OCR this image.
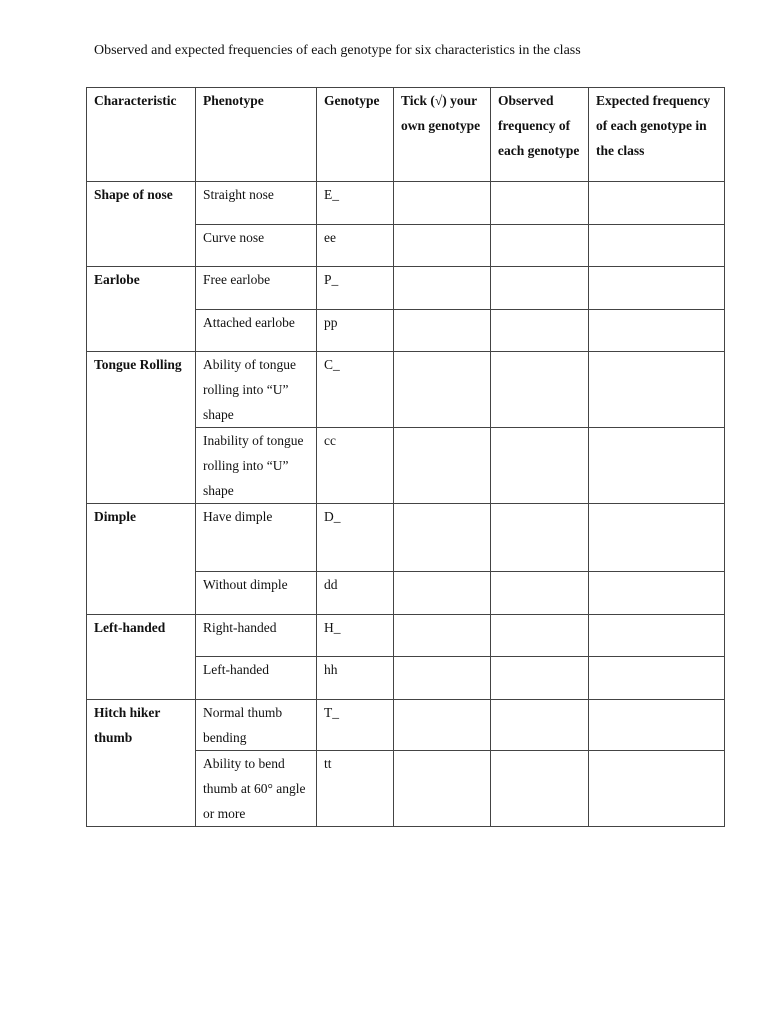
Observed and expected frequencies of each genotype for six characteristics in the class
Characteristic	Phenotype	Genotype	Tick (√) your own genotype	Observed frequency of each genotype	Expected frequency of each genotype in the class
Shape of nose	Straight nose	E_			
	Curve nose	ee			
Earlobe	Free earlobe	P_			
	Attached earlobe	pp			
Tongue Rolling	Ability of tongue rolling into “U” shape	C_			
	Inability of tongue rolling into “U” shape	cc			
Dimple	Have dimple	D_			
	Without dimple	dd			
Left-handed	Right-handed	H_			
	Left-handed	hh			
Hitch hiker thumb	Normal thumb bending	T_			
	Ability to bend thumb at 60° angle or more	tt			
